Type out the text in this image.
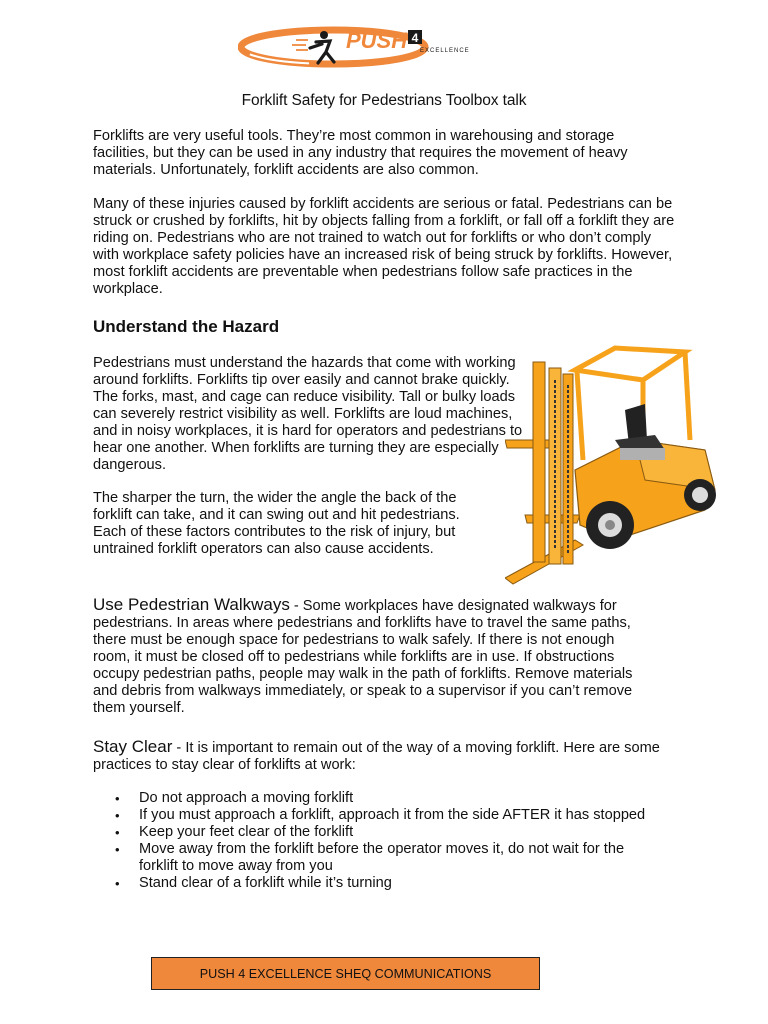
PUSH 4
EXCELLENCE
Forklift Safety for Pedestrians Toolbox talk

Forklifts are very useful tools. They’re most common in warehousing and storage facilities, but they can be used in any industry that requires the movement of heavy materials. Unfortunately, forklift accidents are also common.

Many of these injuries caused by forklift accidents are serious or fatal. Pedestrians can be struck or crushed by forklifts, hit by objects falling from a forklift, or fall off a forklift they are riding on. Pedestrians who are not trained to watch out for forklifts or who don’t comply with workplace safety policies have an increased risk of being struck by forklifts. However, most forklift accidents are preventable when pedestrians follow safe practices in the workplace.

Understand the Hazard

Pedestrians must understand the hazards that come with working around forklifts. Forklifts tip over easily and cannot brake quickly. The forks, mast, and cage can reduce visibility. Tall or bulky loads can severely restrict visibility as well. Forklifts are loud machines, and in noisy workplaces, it is hard for operators and pedestrians to hear one another. When forklifts are turning they are especially dangerous.

The sharper the turn, the wider the angle the back of the forklift can take, and it can swing out and hit pedestrians. Each of these factors contributes to the risk of injury, but untrained forklift operators can also cause accidents.

Use Pedestrian Walkways - Some workplaces have designated walkways for pedestrians. In areas where pedestrians and forklifts have to travel the same paths, there must be enough space for pedestrians to walk safely. If there is not enough room, it must be closed off to pedestrians while forklifts are in use. If obstructions occupy pedestrian paths, people may walk in the path of forklifts. Remove materials and debris from walkways immediately, or speak to a supervisor if you can’t remove them yourself.

Stay Clear - It is important to remain out of the way of a moving forklift. Here are some practices to stay clear of forklifts at work:

• Do not approach a moving forklift
• If you must approach a forklift, approach it from the side AFTER it has stopped
• Keep your feet clear of the forklift
• Move away from the forklift before the operator moves it, do not wait for the forklift to move away from you
• Stand clear of a forklift while it’s turning
PUSH 4 EXCELLENCE SHEQ COMMUNICATIONS
